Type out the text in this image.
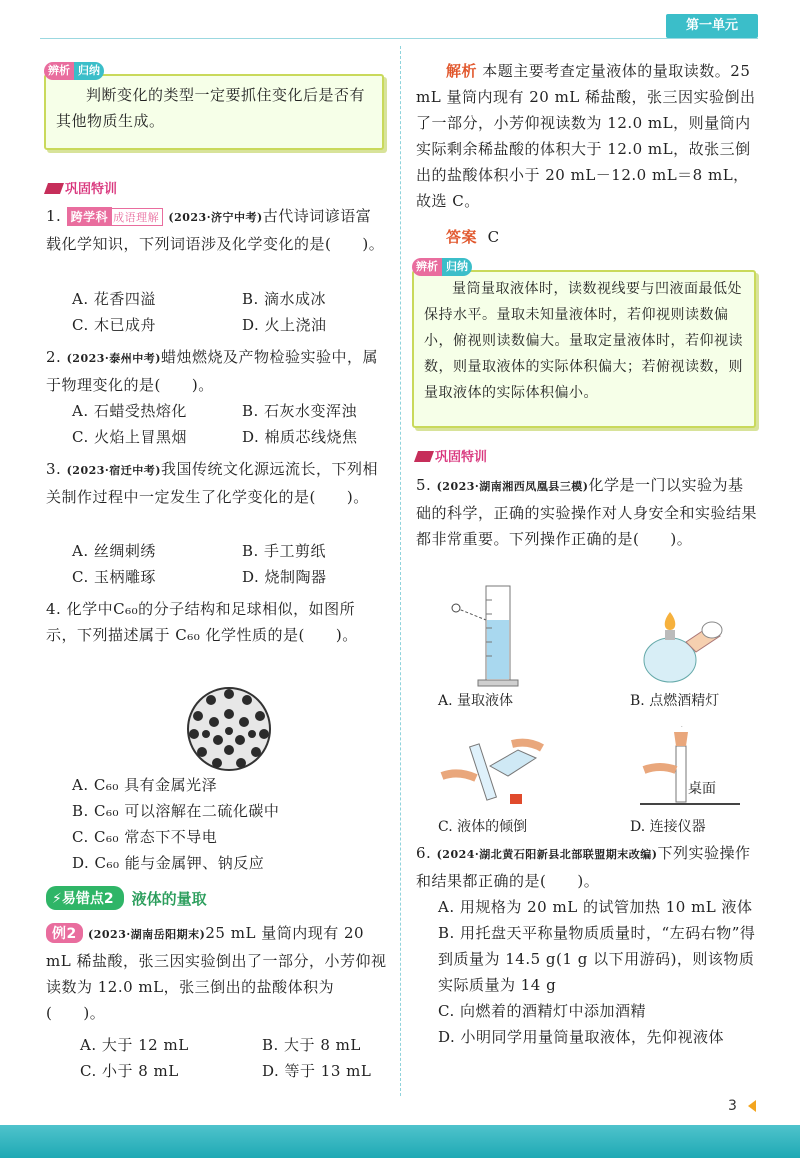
第一单元
辨析 归纳
判断变化的类型一定要抓住变化后是否有其他物质生成。
巩固特训
1. 跨学科 成语理解 (2023·济宁中考)古代诗词谚语富载化学知识，下列词语涉及化学变化的是(　　)。
A. 花香四溢	B. 滴水成冰
C. 木已成舟	D. 火上浇油
2. (2023·泰州中考)蜡烛燃烧及产物检验实验中，属于物理变化的是(　　)。
A. 石蜡受热熔化	B. 石灰水变浑浊
C. 火焰上冒黑烟	D. 棉质芯线烧焦
3. (2023·宿迁中考)我国传统文化源远流长，下列相关制作过程中一定发生了化学变化的是(　　)。
A. 丝绸刺绣	B. 手工剪纸
C. 玉柄雕琢	D. 烧制陶器
4. 化学中C₆₀的分子结构和足球相似，如图所示，下列描述属于 C₆₀ 化学性质的是(　　)。
A. C₆₀ 具有金属光泽
B. C₆₀ 可以溶解在二硫化碳中
C. C₆₀ 常态下不导电
D. C₆₀ 能与金属钾、钠反应
⚡易错点2	液体的量取
例2 (2023·湖南岳阳期末)25 mL 量筒内现有 20 mL 稀盐酸，张三因实验倒出了一部分，小芳仰视读数为 12.0 mL，张三倒出的盐酸体积为(　　)。
A. 大于 12 mL	B. 大于 8 mL
C. 小于 8 mL	D. 等于 13 mL
解析 本题主要考查定量液体的量取读数。25 mL 量筒内现有 20 mL 稀盐酸，张三因实验倒出了一部分，小芳仰视读数为 12.0 mL，则量筒内实际剩余稀盐酸的体积大于 12.0 mL，故张三倒出的盐酸体积小于 20 mL－12.0 mL＝8 mL，故选 C。
答案 C
辨析 归纳
量筒量取液体时，读数视线要与凹液面最低处保持水平。量取未知量液体时，若仰视则读数偏小，俯视则读数偏大。量取定量液体时，若仰视读数，则量取液体的实际体积偏大；若俯视读数，则量取液体的实际体积偏小。
巩固特训
5. (2023·湖南湘西凤凰县三模)化学是一门以实验为基础的科学，正确的实验操作对人身安全和实验结果都非常重要。下列操作正确的是(　　)。
A. 量取液体	B. 点燃酒精灯
桌面
C. 液体的倾倒	D. 连接仪器
6. (2024·湖北黄石阳新县北部联盟期末改编)下列实验操作和结果都正确的是(　　)。
A. 用规格为 20 mL 的试管加热 10 mL 液体
B. 用托盘天平称量物质质量时，“左码右物”得到质量为 14.5 g(1 g 以下用游码)，则该物质实际质量为 14 g
C. 向燃着的酒精灯中添加酒精
D. 小明同学用量筒量取液体，先仰视液体
3
